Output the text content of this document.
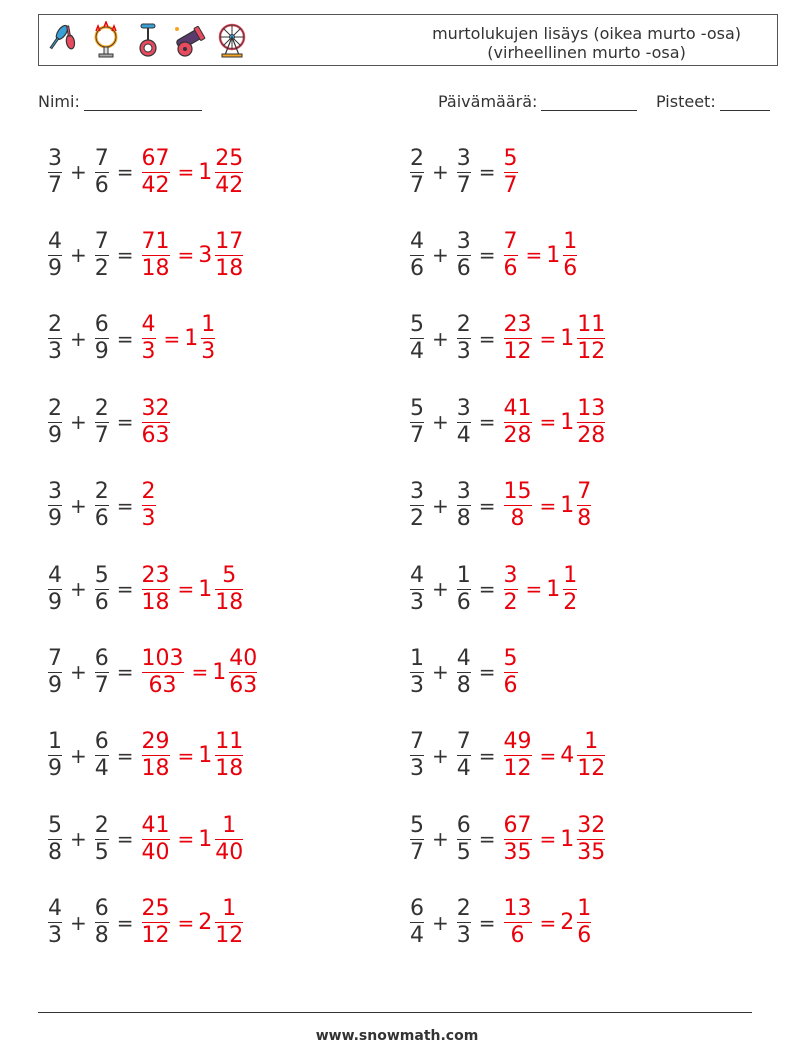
murtolukujen lisäys (oikea murto -osa)
(virheellinen murto -osa)
Nimi:	Päivämäärä:	Pisteet:
$\frac{3}{7} + \frac{7}{6} = \frac{67}{42} = 1 \frac{25}{42}$	$\frac{2}{7} + \frac{3}{7} = \frac{5}{7}$
$\frac{4}{9} + \frac{7}{2} = \frac{71}{18} = 3 \frac{17}{18}$	$\frac{4}{6} + \frac{3}{6} = \frac{7}{6} = 1 \frac{1}{6}$
$\frac{2}{3} + \frac{6}{9} = \frac{4}{3} = 1 \frac{1}{3}$	$\frac{5}{4} + \frac{2}{3} = \frac{23}{12} = 1 \frac{11}{12}$
$\frac{2}{9} + \frac{2}{7} = \frac{32}{63}$	$\frac{5}{7} + \frac{3}{4} = \frac{41}{28} = 1 \frac{13}{28}$
$\frac{3}{9} + \frac{2}{6} = \frac{2}{3}$	$\frac{3}{2} + \frac{3}{8} = \frac{15}{8} = 1 \frac{7}{8}$
$\frac{4}{9} + \frac{5}{6} = \frac{23}{18} = 1 \frac{5}{18}$	$\frac{4}{3} + \frac{1}{6} = \frac{3}{2} = 1 \frac{1}{2}$
$\frac{7}{9} + \frac{6}{7} = \frac{103}{63} = 1 \frac{40}{63}$	$\frac{1}{3} + \frac{4}{8} = \frac{5}{6}$
$\frac{1}{9} + \frac{6}{4} = \frac{29}{18} = 1 \frac{11}{18}$	$\frac{7}{3} + \frac{7}{4} = \frac{49}{12} = 4 \frac{1}{12}$
$\frac{5}{8} + \frac{2}{5} = \frac{41}{40} = 1 \frac{1}{40}$	$\frac{5}{7} + \frac{6}{5} = \frac{67}{35} = 1 \frac{32}{35}$
$\frac{4}{3} + \frac{6}{8} = \frac{25}{12} = 2 \frac{1}{12}$	$\frac{6}{4} + \frac{2}{3} = \frac{13}{6} = 2 \frac{1}{6}$
www.snowmath.com
